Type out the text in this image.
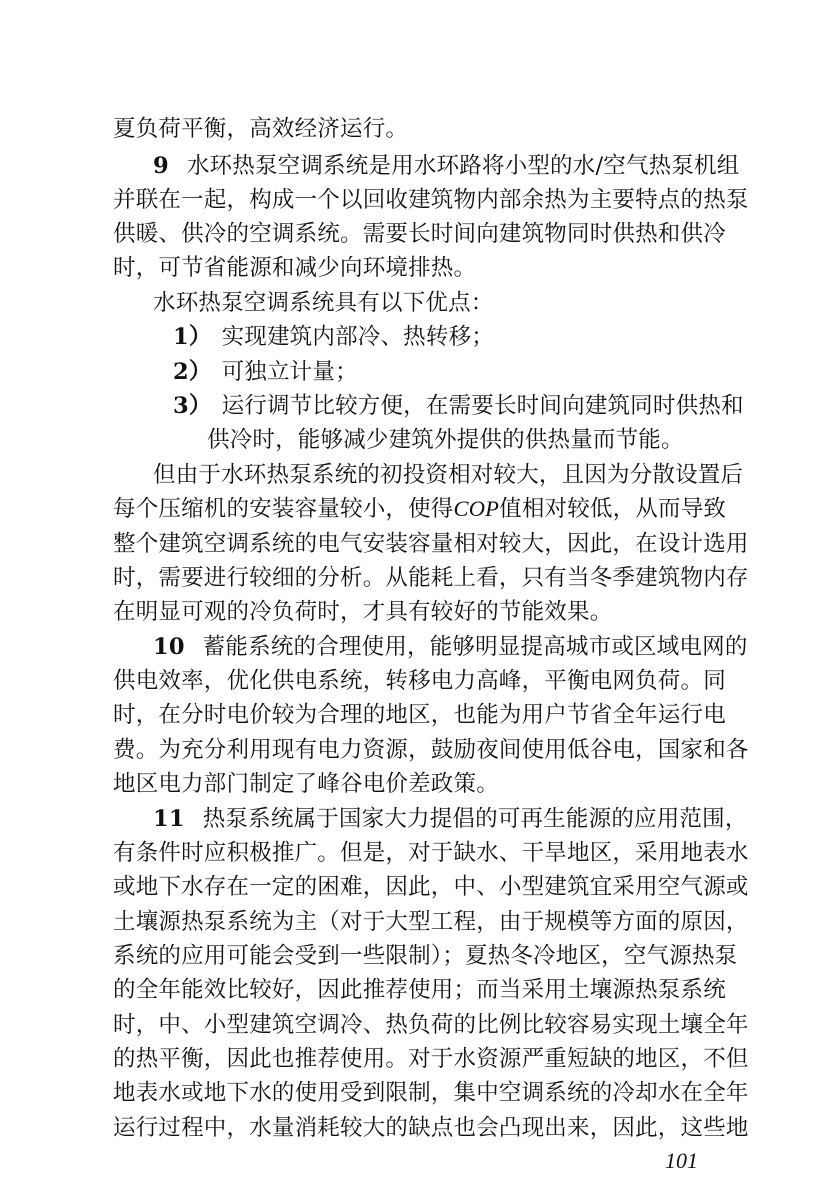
夏负荷平衡，高效经济运行。
9 水环热泵空调系统是用水环路将小型的水/空气热泵机组
并联在一起，构成一个以回收建筑物内部余热为主要特点的热泵
供暖、供冷的空调系统。需要长时间向建筑物同时供热和供冷
时，可节省能源和减少向环境排热。
水环热泵空调系统具有以下优点：
1） 实现建筑内部冷、热转移；
2） 可独立计量；
3） 运行调节比较方便，在需要长时间向建筑同时供热和
供冷时，能够减少建筑外提供的供热量而节能。
但由于水环热泵系统的初投资相对较大，且因为分散设置后
每个压缩机的安装容量较小，使得COP值相对较低，从而导致
整个建筑空调系统的电气安装容量相对较大，因此，在设计选用
时，需要进行较细的分析。从能耗上看，只有当冬季建筑物内存
在明显可观的冷负荷时，才具有较好的节能效果。
10 蓄能系统的合理使用，能够明显提高城市或区域电网的
供电效率，优化供电系统，转移电力高峰，平衡电网负荷。同
时，在分时电价较为合理的地区，也能为用户节省全年运行电
费。为充分利用现有电力资源，鼓励夜间使用低谷电，国家和各
地区电力部门制定了峰谷电价差政策。
11 热泵系统属于国家大力提倡的可再生能源的应用范围，
有条件时应积极推广。但是，对于缺水、干旱地区，采用地表水
或地下水存在一定的困难，因此，中、小型建筑宜采用空气源或
土壤源热泵系统为主（对于大型工程，由于规模等方面的原因，
系统的应用可能会受到一些限制）；夏热冬冷地区，空气源热泵
的全年能效比较好，因此推荐使用；而当采用土壤源热泵系统
时，中、小型建筑空调冷、热负荷的比例比较容易实现土壤全年
的热平衡，因此也推荐使用。对于水资源严重短缺的地区，不但
地表水或地下水的使用受到限制，集中空调系统的冷却水在全年
运行过程中，水量消耗较大的缺点也会凸现出来，因此，这些地
101
